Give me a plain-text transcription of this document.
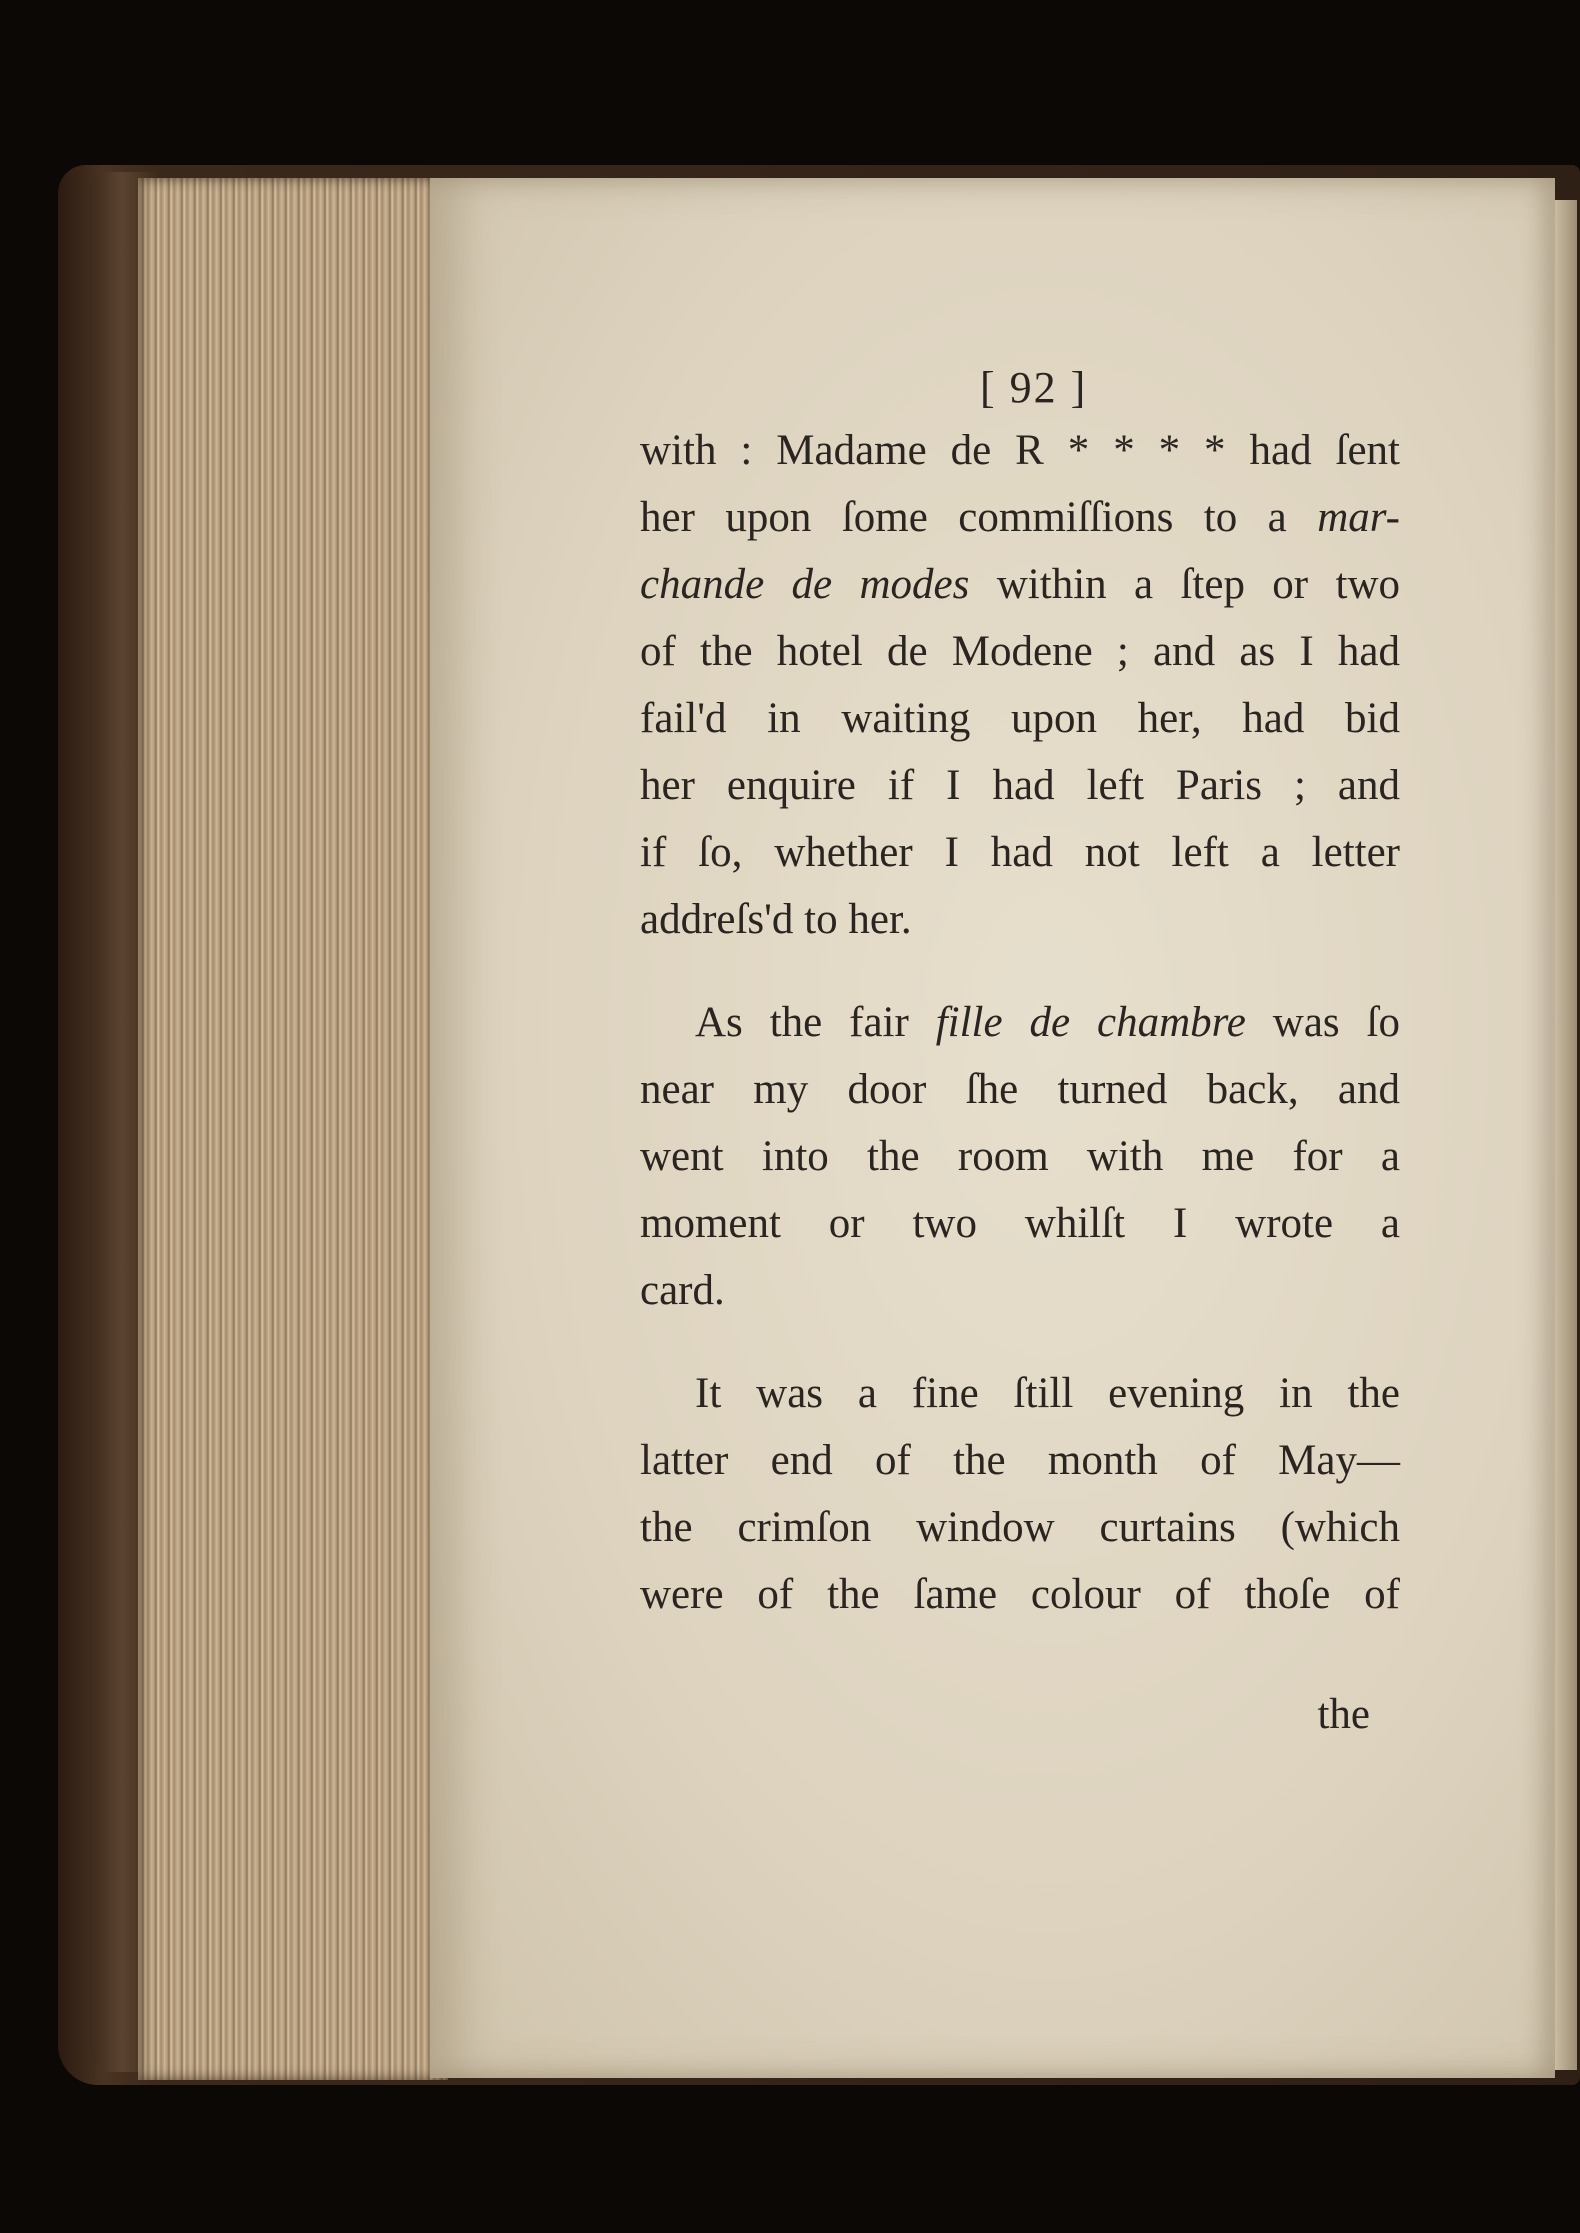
[ 92 ]
with : Madame de R * * * * had ſent
her upon ſome commiſſions to a mar-
chande de modes within a ſtep or two
of the hotel de Modene ; and as I had
fail'd in waiting upon her, had bid
her enquire if I had left Paris ; and
if ſo, whether I had not left a letter
addreſs'd to her.
As the fair fille de chambre was ſo
near my door ſhe turned back, and
went into the room with me for a
moment or two whilſt I wrote a
card.
It was a fine ſtill evening in the
latter end of the month of May—
the crimſon window curtains (which
were of the ſame colour of thoſe of
the
